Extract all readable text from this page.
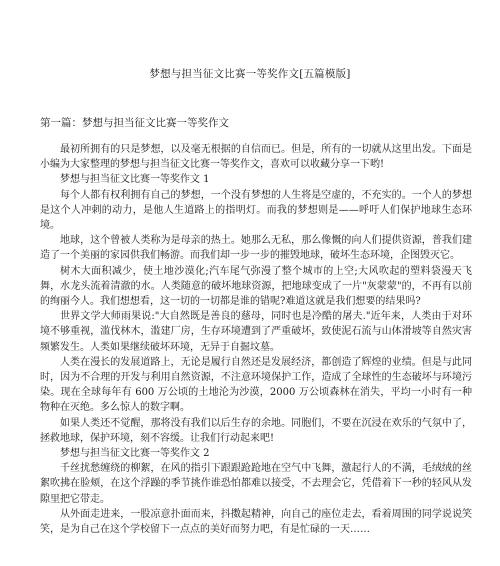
梦想与担当征文比赛一等奖作文[五篇模版]
第一篇：梦想与担当征文比赛一等奖作文

最初所拥有的只是梦想，以及毫无根据的自信而已。但是，所有的一切就从这里出发。下面是小编为大家整理的梦想与担当征文比赛一等奖作文，喜欢可以收藏分享一下哟!

梦想与担当征文比赛一等奖作文 1

每个人都有权利拥有自己的梦想，一个没有梦想的人生将是空虚的，不充实的。一个人的梦想是这个人冲刺的动力，是他人生道路上的指明灯。而我的梦想则是——呼吁人们保护地球生态环境。

地球，这个曾被人类称为是母亲的热土。她那么无私，那么像慨的向人们提供资源，普我们建造了一个美丽的家园供我们畅游。而我们却一步一步的摧毁地球，破坏生态环境，企图毁灭它。

树木大面积减少，使土地沙漠化;汽车尾气弥漫了整个城市的上空;大风吹起的塑料袋漫天飞舞，水龙头流着清澈的水。人类随意的破坏地球资源，把地球变成了一片"灰蒙蒙"的，不再有以前的绚丽今人。我们想想看，这一切的一切都是谁的错呢?难道这就是我们想要的结果吗?

世界文学大师雨果说:"大自然既是善良的慈母，同时也是冷酷的屠夫."近年来，人类由于对环境不够重视，滥伐林木，滥建厂房，生存环境遭到了严重破坏，致使泥石流与山体滑坡等自然灾害频繁发生。人类如果继续破坏环境，无异于自掘坟墓。

人类在漫长的发展道路上，无论是履行自然还是发展经济，都创造了辉煌的业绩。但是与此同时，因为不合理的开发与利用自然资源，不注意环境保护工作，造成了全球性的生态破坏与环境污染。现在全球每年有 600 万公顷的土地沦为沙漠，2000 万公顷森林在消失，平均一小时有一种物种在灭绝。多么惊人的数字啊。

如果人类还不觉醒，那将没有我们以后生存的余地。同胞们，不要在沉浸在欢乐的气氛中了，拯救地球，保护环境，刻不容缓。让我们行动起来吧!

梦想与担当征文比赛一等奖作文 2

千丝扰愁缠绕的柳絮，在风的指引下跟跟跄跄地在空气中飞舞，激起行人的不满，毛绒绒的丝絮吹拂在脸颊，在这个浮躁的季节挑作谁恐怕都难以接受，不去理会它，凭借着下一秒的轻风从发隙里把它带走。

从外面走进来，一股凉意扑面而来，抖擞起精神，向自己的座位走去，看着周围的同学说说笑笑，是为自己在这个学校留下一点点的美好而努力吧，有是忙碌的一天……
